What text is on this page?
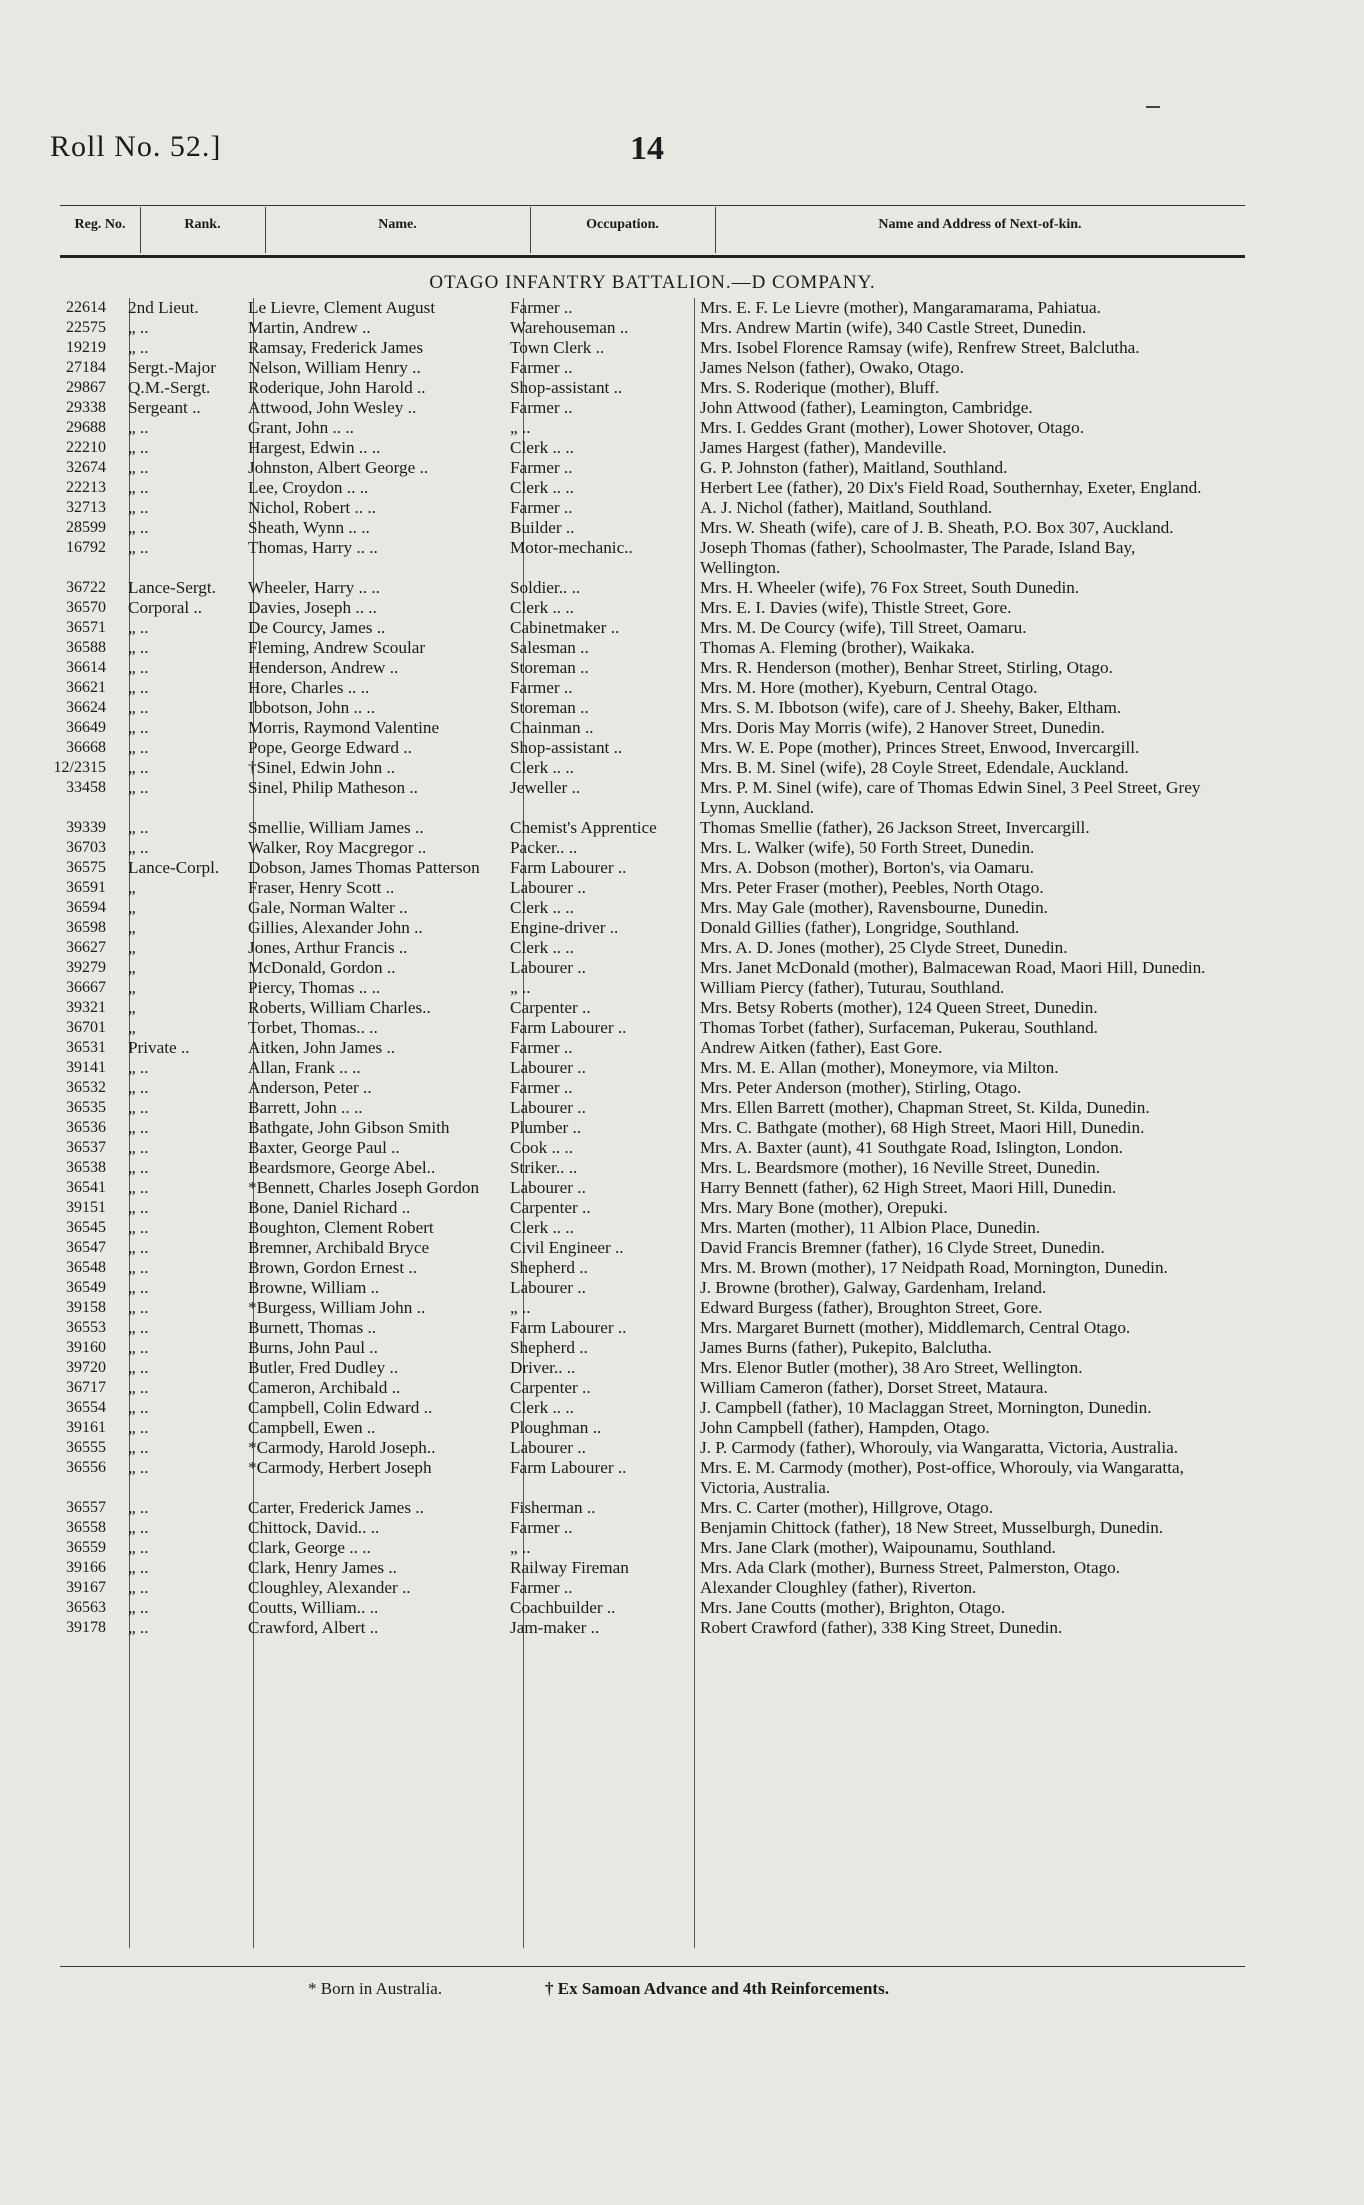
Roll No. 52.]	14
Reg. No.	Rank.	Name.	Occupation.	Name and Address of Next-of-kin.
OTAGO INFANTRY BATTALION.—D COMPANY.
22614	2nd Lieut.	Le Lievre, Clement August	Farmer ..	Mrs. E. F. Le Lievre (mother), Mangaramarama, Pahiatua.
22575	„ ..	Martin, Andrew ..	Warehouseman ..	Mrs. Andrew Martin (wife), 340 Castle Street, Dunedin.
19219	„ ..	Ramsay, Frederick James	Town Clerk ..	Mrs. Isobel Florence Ramsay (wife), Renfrew Street, Balclutha.
27184	Sergt.-Major	Nelson, William Henry ..	Farmer ..	James Nelson (father), Owako, Otago.
29867	Q.M.-Sergt.	Roderique, John Harold ..	Shop-assistant ..	Mrs. S. Roderique (mother), Bluff.
29338	Sergeant ..	Attwood, John Wesley ..	Farmer ..	John Attwood (father), Leamington, Cambridge.
29688	„ ..	Grant, John .. ..	„ ..	Mrs. I. Geddes Grant (mother), Lower Shotover, Otago.
22210	„ ..	Hargest, Edwin .. ..	Clerk .. ..	James Hargest (father), Mandeville.
32674	„ ..	Johnston, Albert George ..	Farmer ..	G. P. Johnston (father), Maitland, Southland.
22213	„ ..	Lee, Croydon .. ..	Clerk .. ..	Herbert Lee (father), 20 Dix's Field Road, Southernhay, Exeter, England.
32713	„ ..	Nichol, Robert .. ..	Farmer ..	A. J. Nichol (father), Maitland, Southland.
28599	„ ..	Sheath, Wynn .. ..	Builder ..	Mrs. W. Sheath (wife), care of J. B. Sheath, P.O. Box 307, Auckland.
16792	„ ..	Thomas, Harry .. ..	Motor-mechanic..	Joseph Thomas (father), Schoolmaster, The Parade, Island Bay, Wellington.
36722	Lance-Sergt.	Wheeler, Harry .. ..	Soldier.. ..	Mrs. H. Wheeler (wife), 76 Fox Street, South Dunedin.
36570	Corporal ..	Davies, Joseph .. ..	Clerk .. ..	Mrs. E. I. Davies (wife), Thistle Street, Gore.
36571	„ ..	De Courcy, James ..	Cabinetmaker ..	Mrs. M. De Courcy (wife), Till Street, Oamaru.
36588	„ ..	Fleming, Andrew Scoular	Salesman ..	Thomas A. Fleming (brother), Waikaka.
36614	„ ..	Henderson, Andrew ..	Storeman ..	Mrs. R. Henderson (mother), Benhar Street, Stirling, Otago.
36621	„ ..	Hore, Charles .. ..	Farmer ..	Mrs. M. Hore (mother), Kyeburn, Central Otago.
36624	„ ..	Ibbotson, John .. ..	Storeman ..	Mrs. S. M. Ibbotson (wife), care of J. Sheehy, Baker, Eltham.
36649	„ ..	Morris, Raymond Valentine	Chainman ..	Mrs. Doris May Morris (wife), 2 Hanover Street, Dunedin.
36668	„ ..	Pope, George Edward ..	Shop-assistant ..	Mrs. W. E. Pope (mother), Princes Street, Enwood, Invercargill.
12/2315	„ ..	†Sinel, Edwin John ..	Clerk .. ..	Mrs. B. M. Sinel (wife), 28 Coyle Street, Edendale, Auckland.
33458	„ ..	Sinel, Philip Matheson ..	Jeweller ..	Mrs. P. M. Sinel (wife), care of Thomas Edwin Sinel, 3 Peel Street, Grey Lynn, Auckland.
39339	„ ..	Smellie, William James ..	Chemist's Apprentice	Thomas Smellie (father), 26 Jackson Street, Invercargill.
36703	„ ..	Walker, Roy Macgregor ..	Packer.. ..	Mrs. L. Walker (wife), 50 Forth Street, Dunedin.
36575	Lance-Corpl.	Dobson, James Thomas Patterson	Farm Labourer ..	Mrs. A. Dobson (mother), Borton's, via Oamaru.
36591	„	Fraser, Henry Scott ..	Labourer ..	Mrs. Peter Fraser (mother), Peebles, North Otago.
36594	„	Gale, Norman Walter ..	Clerk .. ..	Mrs. May Gale (mother), Ravensbourne, Dunedin.
36598	„	Gillies, Alexander John ..	Engine-driver ..	Donald Gillies (father), Longridge, Southland.
36627	„	Jones, Arthur Francis ..	Clerk .. ..	Mrs. A. D. Jones (mother), 25 Clyde Street, Dunedin.
39279	„	McDonald, Gordon ..	Labourer ..	Mrs. Janet McDonald (mother), Balmacewan Road, Maori Hill, Dunedin.
36667	„	Piercy, Thomas .. ..	„ ..	William Piercy (father), Tuturau, Southland.
39321	„	Roberts, William Charles..	Carpenter ..	Mrs. Betsy Roberts (mother), 124 Queen Street, Dunedin.
36701	„	Torbet, Thomas.. ..	Farm Labourer ..	Thomas Torbet (father), Surfaceman, Pukerau, Southland.
36531	Private ..	Aitken, John James ..	Farmer ..	Andrew Aitken (father), East Gore.
39141	„ ..	Allan, Frank .. ..	Labourer ..	Mrs. M. E. Allan (mother), Moneymore, via Milton.
36532	„ ..	Anderson, Peter ..	Farmer ..	Mrs. Peter Anderson (mother), Stirling, Otago.
36535	„ ..	Barrett, John .. ..	Labourer ..	Mrs. Ellen Barrett (mother), Chapman Street, St. Kilda, Dunedin.
36536	„ ..	Bathgate, John Gibson Smith	Plumber ..	Mrs. C. Bathgate (mother), 68 High Street, Maori Hill, Dunedin.
36537	„ ..	Baxter, George Paul ..	Cook .. ..	Mrs. A. Baxter (aunt), 41 Southgate Road, Islington, London.
36538	„ ..	Beardsmore, George Abel..	Striker.. ..	Mrs. L. Beardsmore (mother), 16 Neville Street, Dunedin.
36541	„ ..	*Bennett, Charles Joseph Gordon	Labourer ..	Harry Bennett (father), 62 High Street, Maori Hill, Dunedin.
39151	„ ..	Bone, Daniel Richard ..	Carpenter ..	Mrs. Mary Bone (mother), Orepuki.
36545	„ ..	Boughton, Clement Robert	Clerk .. ..	Mrs. Marten (mother), 11 Albion Place, Dunedin.
36547	„ ..	Bremner, Archibald Bryce	Civil Engineer ..	David Francis Bremner (father), 16 Clyde Street, Dunedin.
36548	„ ..	Brown, Gordon Ernest ..	Shepherd ..	Mrs. M. Brown (mother), 17 Neidpath Road, Mornington, Dunedin.
36549	„ ..	Browne, William ..	Labourer ..	J. Browne (brother), Galway, Gardenham, Ireland.
39158	„ ..	*Burgess, William John ..	„ ..	Edward Burgess (father), Broughton Street, Gore.
36553	„ ..	Burnett, Thomas ..	Farm Labourer ..	Mrs. Margaret Burnett (mother), Middlemarch, Central Otago.
39160	„ ..	Burns, John Paul ..	Shepherd ..	James Burns (father), Pukepito, Balclutha.
39720	„ ..	Butler, Fred Dudley ..	Driver.. ..	Mrs. Elenor Butler (mother), 38 Aro Street, Wellington.
36717	„ ..	Cameron, Archibald ..	Carpenter ..	William Cameron (father), Dorset Street, Mataura.
36554	„ ..	Campbell, Colin Edward ..	Clerk .. ..	J. Campbell (father), 10 Maclaggan Street, Mornington, Dunedin.
39161	„ ..	Campbell, Ewen ..	Ploughman ..	John Campbell (father), Hampden, Otago.
36555	„ ..	*Carmody, Harold Joseph..	Labourer ..	J. P. Carmody (father), Whorouly, via Wangaratta, Victoria, Australia.
36556	„ ..	*Carmody, Herbert Joseph	Farm Labourer ..	Mrs. E. M. Carmody (mother), Post-office, Whorouly, via Wangaratta, Victoria, Australia.
36557	„ ..	Carter, Frederick James ..	Fisherman ..	Mrs. C. Carter (mother), Hillgrove, Otago.
36558	„ ..	Chittock, David.. ..	Farmer ..	Benjamin Chittock (father), 18 New Street, Musselburgh, Dunedin.
36559	„ ..	Clark, George .. ..	„ ..	Mrs. Jane Clark (mother), Waipounamu, Southland.
39166	„ ..	Clark, Henry James ..	Railway Fireman	Mrs. Ada Clark (mother), Burness Street, Palmerston, Otago.
39167	„ ..	Cloughley, Alexander ..	Farmer ..	Alexander Cloughley (father), Riverton.
36563	„ ..	Coutts, William.. ..	Coachbuilder ..	Mrs. Jane Coutts (mother), Brighton, Otago.
39178	„ ..	Crawford, Albert ..	Jam-maker ..	Robert Crawford (father), 338 King Street, Dunedin.
* Born in Australia.	† Ex Samoan Advance and 4th Reinforcements.
